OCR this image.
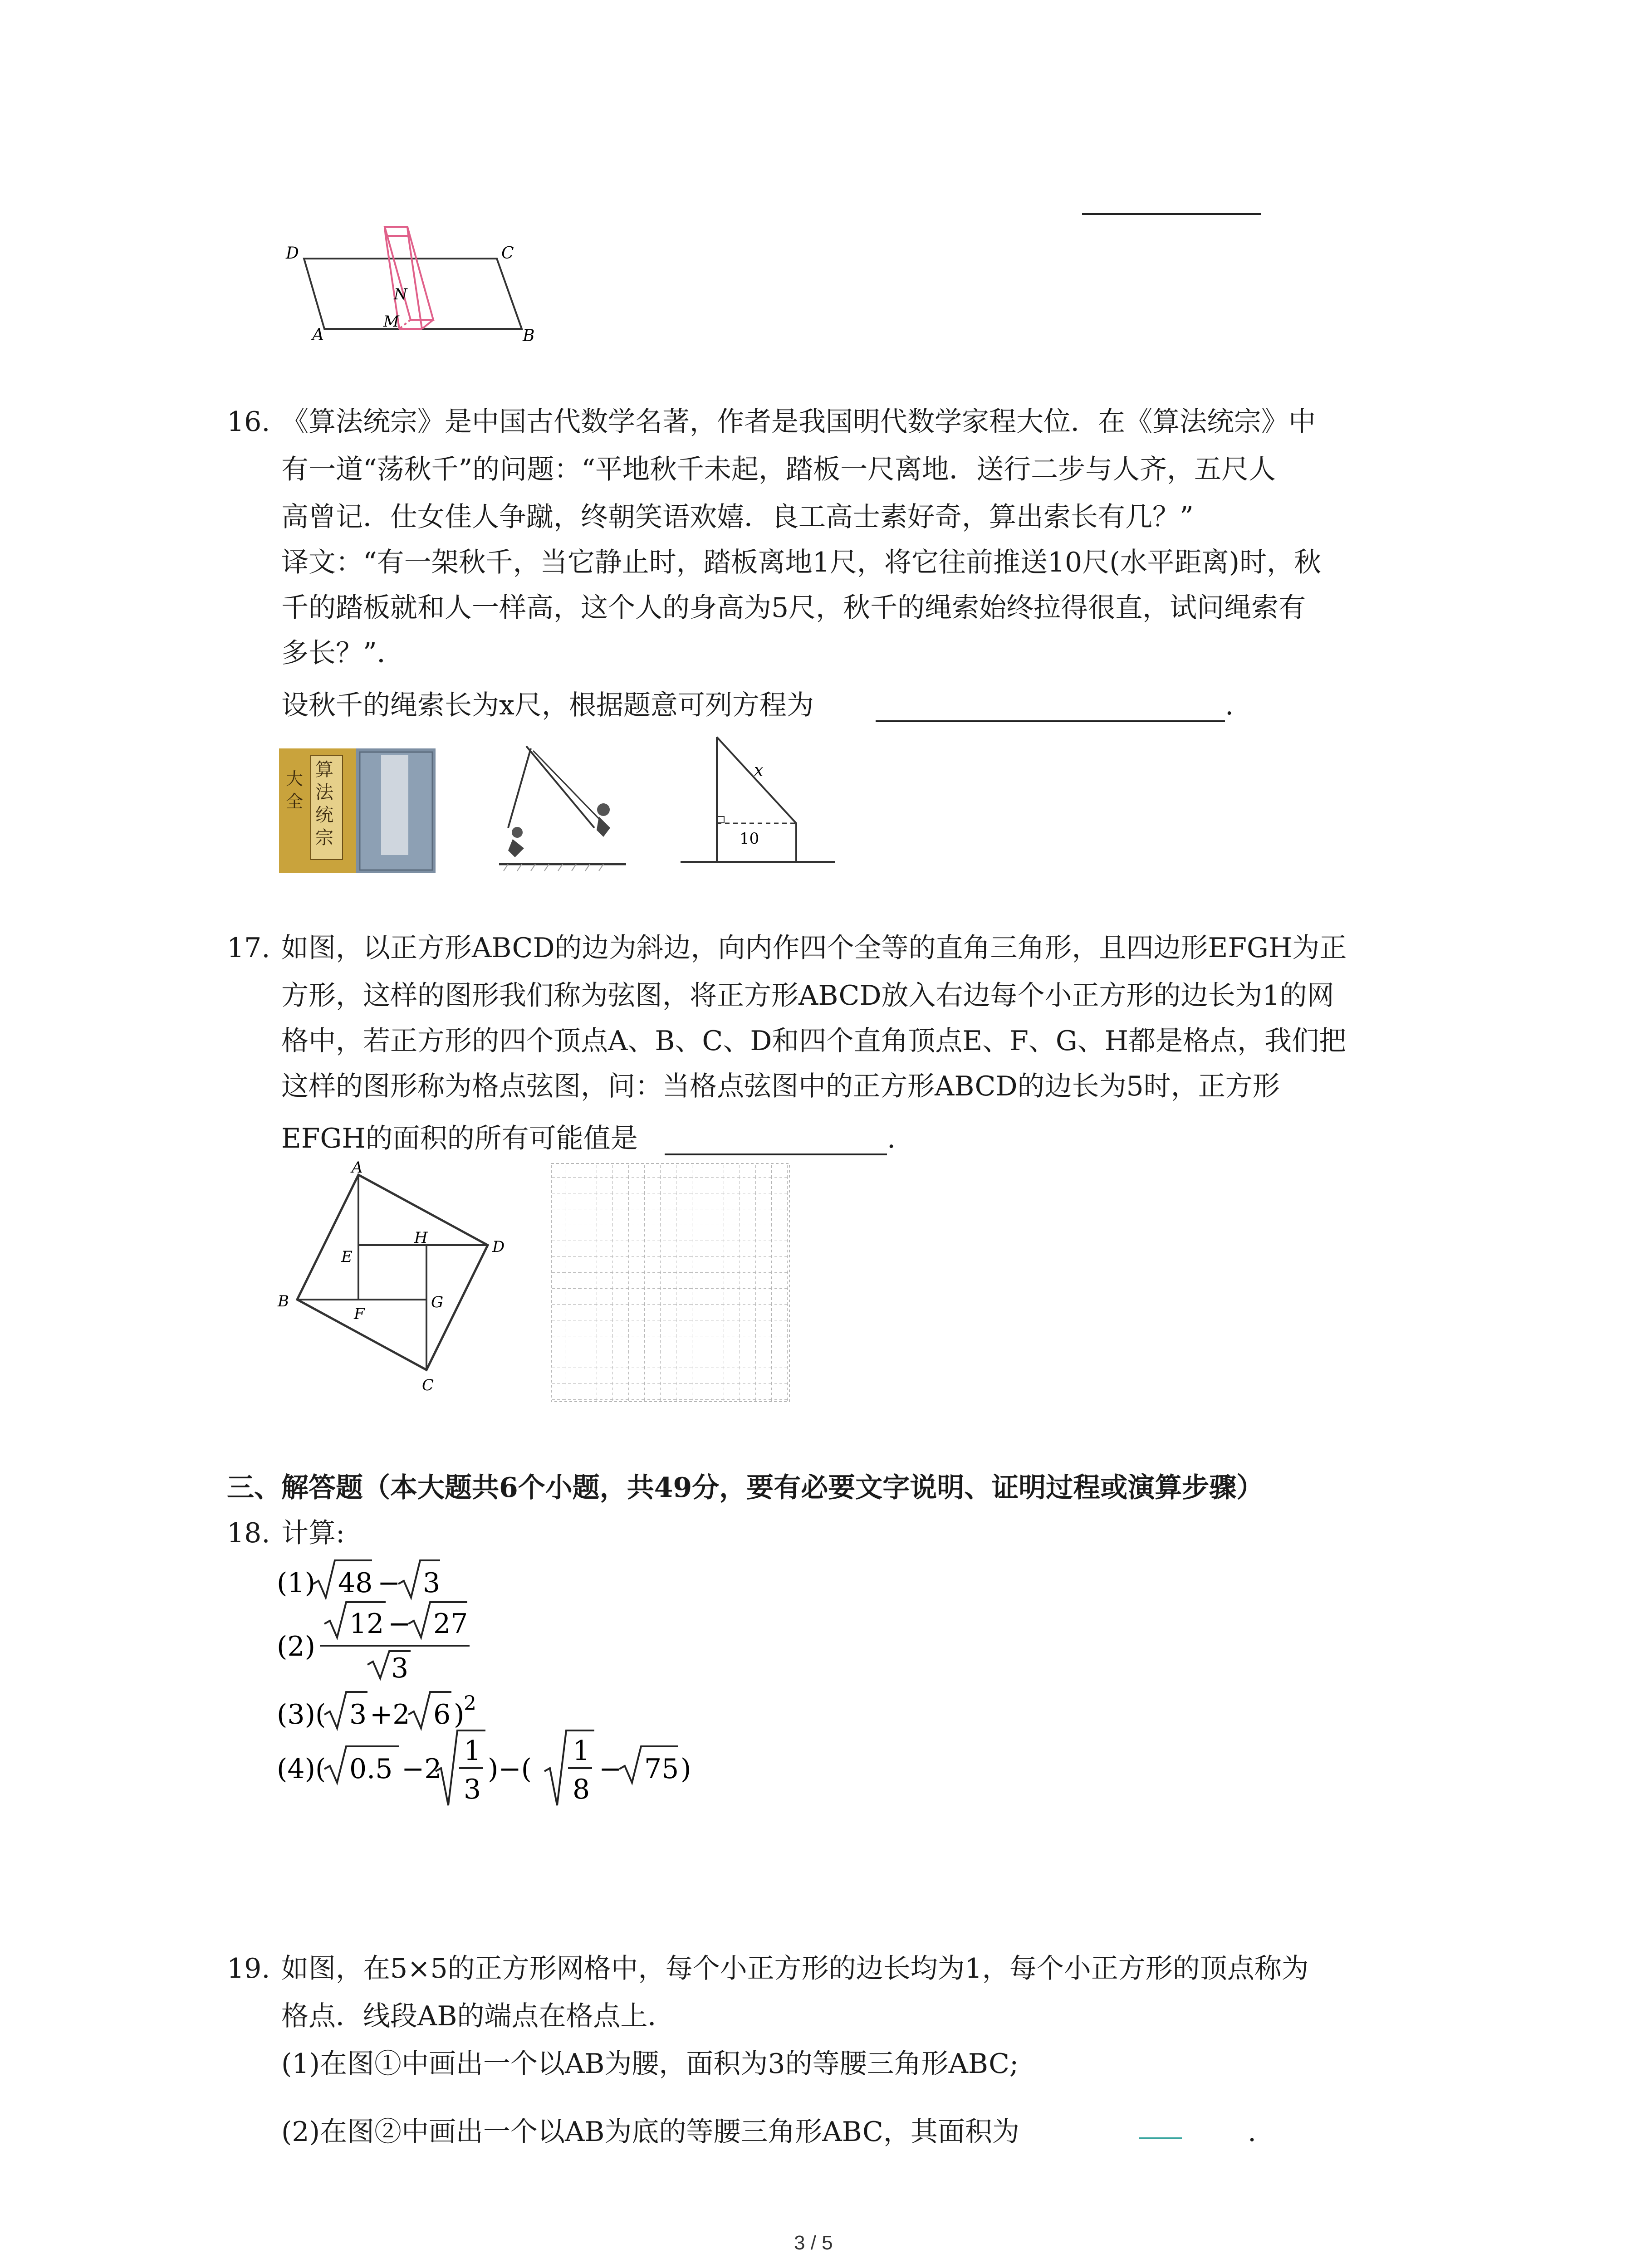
D	C
A	B
N
M
16. 《算法统宗》是中国古代数学名著，作者是我国明代数学家程大位．在《算法统宗》中
有一道“荡秋千”的问题：“平地秋千未起，踏板一尺离地．送行二步与人齐，五尺人
高曾记．仕女佳人争蹴，终朝笑语欢嬉．良工高士素好奇，算出索长有几？”
译文：“有一架秋千，当它静止时，踏板离地1尺，将它往前推送10尺(水平距离)时，秋
千的踏板就和人一样高，这个人的身高为5尺，秋千的绳索始终拉得很直，试问绳索有
多长？”．
设秋千的绳索长为x尺，根据题意可列方程为	.
算
法
统
宗
大
全
x
10
17. 如图，以正方形ABCD的边为斜边，向内作四个全等的直角三角形，且四边形EFGH为正
方形，这样的图形我们称为弦图，将正方形ABCD放入右边每个小正方形的边长为1的网
格中，若正方形的四个顶点A、B、C、D和四个直角顶点E、F、G、H都是格点，我们把
这样的图形称为格点弦图，问：当格点弦图中的正方形ABCD的边长为5时，正方形
EFGH的面积的所有可能值是	.
A
B
C
D
E
F
G
H
三、解答题（本大题共6个小题，共49分，要有必要文字说明、证明过程或演算步骤）
18. 计算:
(1) 48 − 3
(2)
12 − 27
3
(3)( 3 +2 6 )
2
(4)( 0.5 −2
1
3
)−(
1
8
− 75 )
19. 如图，在5×5的正方形网格中，每个小正方形的边长均为1，每个小正方形的顶点称为
格点．线段AB的端点在格点上．
(1)在图①中画出一个以AB为腰，面积为3的等腰三角形ABC;
(2)在图②中画出一个以AB为底的等腰三角形ABC，其面积为	.
3 / 5
